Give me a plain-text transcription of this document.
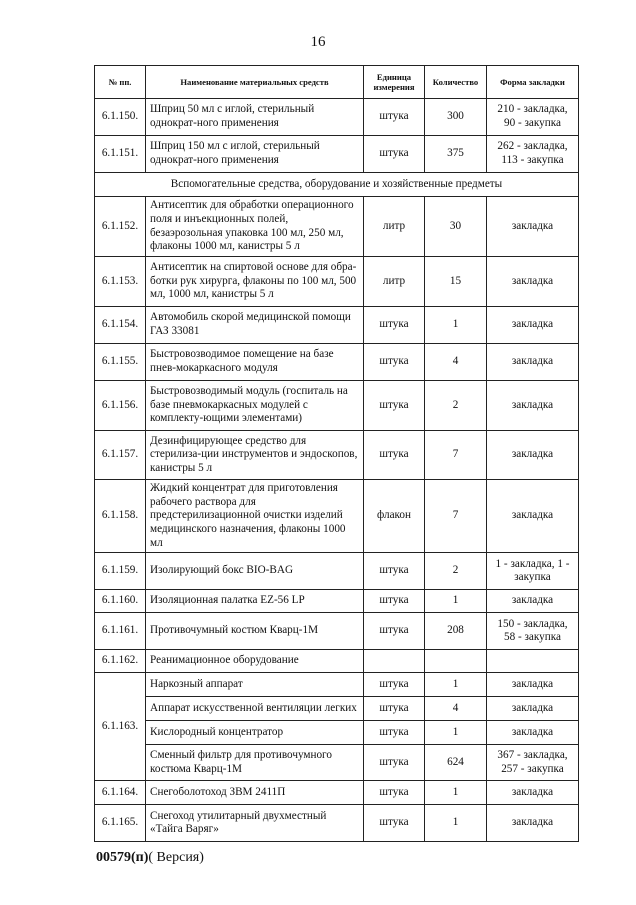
16
№ пп.	Наименование материальных средств	Единица измерения	Количество	Форма закладки
6.1.150.	Шприц 50 мл с иглой, стерильный однократ-ного применения	штука	300	210 - закладка, 90 - закупка
6.1.151.	Шприц 150 мл с иглой, стерильный однократ-ного применения	штука	375	262 - закладка, 113 - закупка
Вспомогательные средства, оборудование и хозяйственные предметы				
6.1.152.	Антисептик для обработки операционного поля и инъекционных полей, безаэрозольная упаковка 100 мл, 250 мл, флаконы 1000 мл, канистры 5 л	литр	30	закладка
6.1.153.	Антисептик на спиртовой основе для обра-ботки рук хирурга, флаконы по 100 мл, 500 мл, 1000 мл, канистры 5 л	литр	15	закладка
6.1.154.	Автомобиль скорой медицинской помощи ГАЗ 33081	штука	1	закладка
6.1.155.	Быстровозводимое помещение на базе пнев-мокаркасного модуля	штука	4	закладка
6.1.156.	Быстровозводимый модуль (госпиталь на базе пневмокаркасных модулей с комплекту-ющими элементами)	штука	2	закладка
6.1.157.	Дезинфицирующее средство для стерилиза-ции инструментов и эндоскопов, канистры 5 л	штука	7	закладка
6.1.158.	Жидкий концентрат для приготовления рабочего раствора для предстерилизационной очистки изделий медицинского назначения, флаконы 1000 мл	флакон	7	закладка
6.1.159.	Изолирующий бокс BIO-BAG	штука	2	1 - закладка, 1 - закупка
6.1.160.	Изоляционная палатка EZ-56 LP	штука	1	закладка
6.1.161.	Противочумный костюм Кварц-1М	штука	208	150 - закладка, 58 - закупка
6.1.162.	Реанимационное оборудование			
6.1.163.	Наркозный аппарат	штука	1	закладка
	Аппарат искусственной вентиляции легких	штука	4	закладка
	Кислородный концентратор	штука	1	закладка
	Сменный фильтр для противочумного костюма Кварц-1М	штука	624	367 - закладка, 257 - закупка
6.1.164.	Снегоболотоход ЗВМ 2411П	штука	1	закладка
6.1.165.	Снегоход утилитарный двухместный «Тайга Варяг»	штука	1	закладка
00579(п)( Версия)
